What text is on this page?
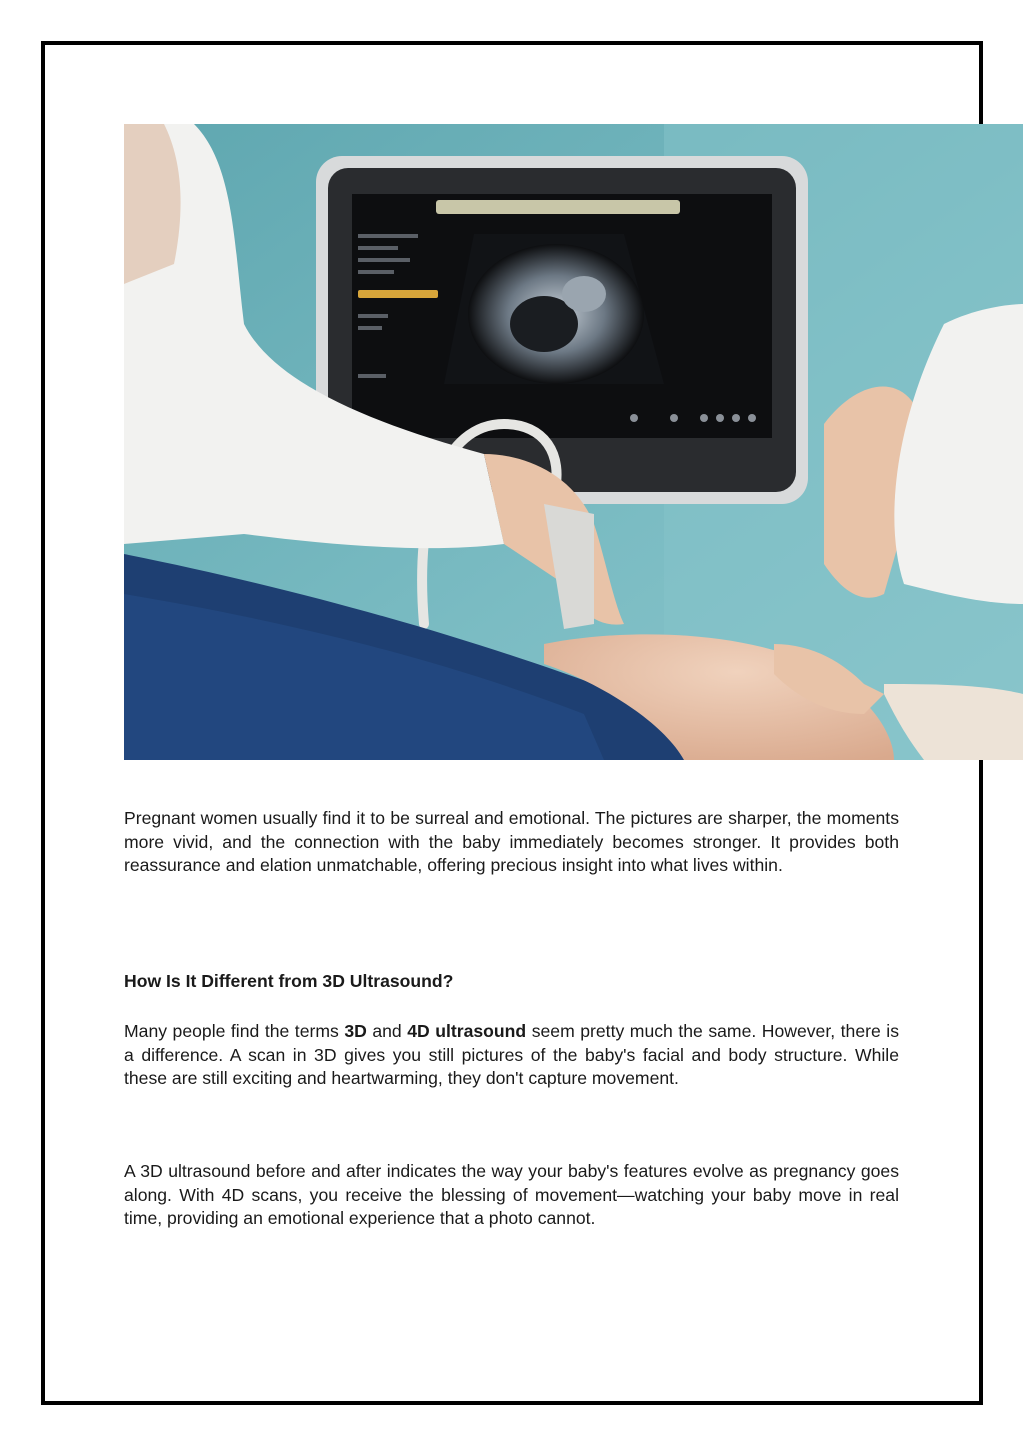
Pregnant women usually find it to be surreal and emotional. The pictures are sharper, the moments more vivid, and the connection with the baby immediately becomes stronger. It provides both reassurance and elation unmatchable, offering precious insight into what lives within.

How Is It Different from 3D Ultrasound?

Many people find the terms 3D and 4D ultrasound seem pretty much the same. However, there is a difference. A scan in 3D gives you still pictures of the baby's facial and body structure. While these are still exciting and heartwarming, they don't capture movement.

A 3D ultrasound before and after indicates the way your baby's features evolve as pregnancy goes along. With 4D scans, you receive the blessing of movement—watching your baby move in real time, providing an emotional experience that a photo cannot.
